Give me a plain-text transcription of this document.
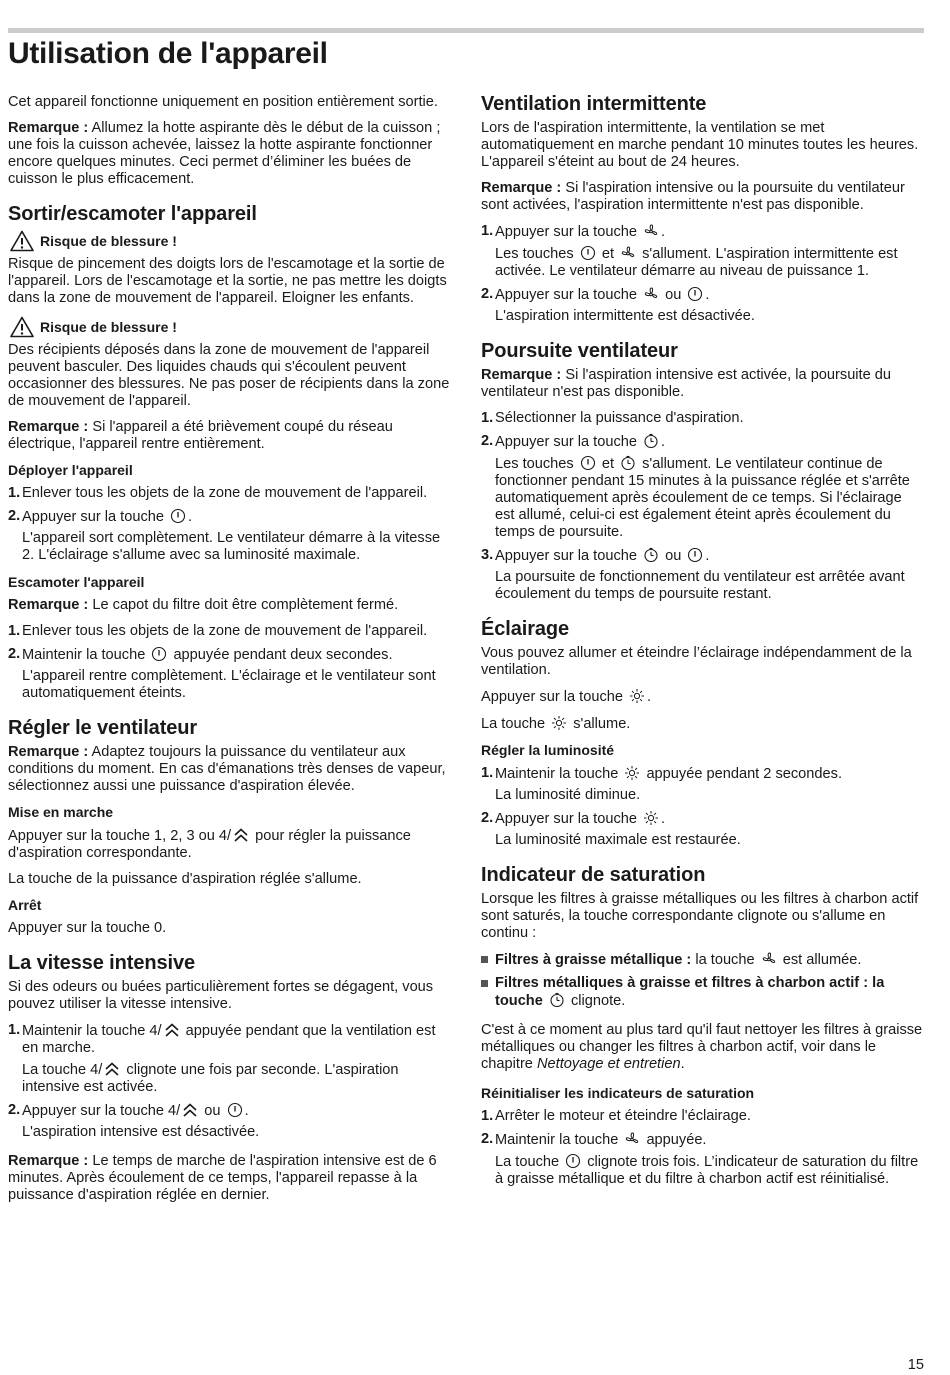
Utilisation de l'appareil

Cet appareil fonctionne uniquement en position entièrement sortie.

Remarque : Allumez la hotte aspirante dès le début de la cuisson ; une fois la cuisson achevée, laissez la hotte aspirante fonctionner encore quelques minutes. Ceci permet d’éliminer les buées de cuisson le plus efficacement.

Sortir/escamoter l'appareil
Risque de blessure !

Risque de pincement des doigts lors de l'escamotage et la sortie de l'appareil. Lors de l'escamotage et la sortie, ne pas mettre les doigts dans la zone de mouvement de l'appareil. Eloigner les enfants.

Risque de blessure !

Des récipients déposés dans la zone de mouvement de l'appareil peuvent basculer. Des liquides chauds qui s'écoulent peuvent occasionner des blessures. Ne pas poser de récipients dans la zone de mouvement de l'appareil.

Remarque : Si l'appareil a été brièvement coupé du réseau électrique, l'appareil rentre entièrement.

Déployer l'appareil
1. Enlever tous les objets de la zone de mouvement de l'appareil.
2. Appuyer sur la touche .
L'appareil sort complètement. Le ventilateur démarre à la vitesse 2. L'éclairage s'allume avec sa luminosité maximale.
Escamoter l'appareil

Remarque : Le capot du filtre doit être complètement fermé.

1. Enlever tous les objets de la zone de mouvement de l'appareil.
2. Maintenir la touche appuyée pendant deux secondes.
L'appareil rentre complètement. L'éclairage et le ventilateur sont automatiquement éteints.
Régler le ventilateur

Remarque : Adaptez toujours la puissance du ventilateur aux conditions du moment. En cas d'émanations très denses de vapeur, sélectionnez aussi une puissance d'aspiration élevée.

Mise en marche

Appuyer sur la touche 1, 2, 3 ou 4/ pour régler la puissance d'aspiration correspondante.

La touche de la puissance d'aspiration réglée s'allume.

Arrêt

Appuyer sur la touche 0.

La vitesse intensive

Si des odeurs ou buées particulièrement fortes se dégagent, vous pouvez utiliser la vitesse intensive.

1. Maintenir la touche 4/ appuyée pendant que la ventilation est en marche.
La touche 4/ clignote une fois par seconde. L'aspiration intensive est activée.
2. Appuyer sur la touche 4/ ou .
L'aspiration intensive est désactivée.

Remarque : Le temps de marche de l'aspiration intensive est de 6 minutes. Après écoulement de ce temps, l'appareil repasse à la puissance d'aspiration réglée en dernier.

Ventilation intermittente

Lors de l'aspiration intermittente, la ventilation se met automatiquement en marche pendant 10 minutes toutes les heures. L'appareil s'éteint au bout de 24 heures.

Remarque : Si l'aspiration intensive ou la poursuite du ventilateur sont activées, l'aspiration intermittente n'est pas disponible.

1. Appuyer sur la touche .
Les touches et s'allument. L'aspiration intermittente est activée. Le ventilateur démarre au niveau de puissance 1.
2. Appuyer sur la touche ou .
L'aspiration intermittente est désactivée.
Poursuite ventilateur

Remarque : Si l'aspiration intensive est activée, la poursuite du ventilateur n'est pas disponible.

1. Sélectionner la puissance d'aspiration.
2. Appuyer sur la touche .
Les touches et s'allument. Le ventilateur continue de fonctionner pendant 15 minutes à la puissance réglée et s'arrête automatiquement après écoulement de ce temps. Si l'éclairage est allumé, celui-ci est également éteint après écoulement du temps de poursuite.
3. Appuyer sur la touche ou .
La poursuite de fonctionnement du ventilateur est arrêtée avant écoulement du temps de poursuite restant.
Éclairage

Vous pouvez allumer et éteindre l’éclairage indépendamment de la ventilation.

Appuyer sur la touche .

La touche s'allume.

Régler la luminosité
1. Maintenir la touche appuyée pendant 2 secondes.
La luminosité diminue.
2. Appuyer sur la touche .
La luminosité maximale est restaurée.
Indicateur de saturation

Lorsque les filtres à graisse métalliques ou les filtres à charbon actif sont saturés, la touche correspondante clignote ou s'allume en continu :

Filtres à graisse métallique : la touche est allumée.
Filtres métalliques à graisse et filtres à charbon actif : la touche clignote.

C'est à ce moment au plus tard qu'il faut nettoyer les filtres à graisse métalliques ou changer les filtres à charbon actif, voir dans le chapitre Nettoyage et entretien.

Réinitialiser les indicateurs de saturation
1. Arrêter le moteur et éteindre l'éclairage.
2. Maintenir la touche appuyée.
La touche clignote trois fois. L’indicateur de saturation du filtre à graisse métallique et du filtre à charbon actif est réinitialisé.
15
